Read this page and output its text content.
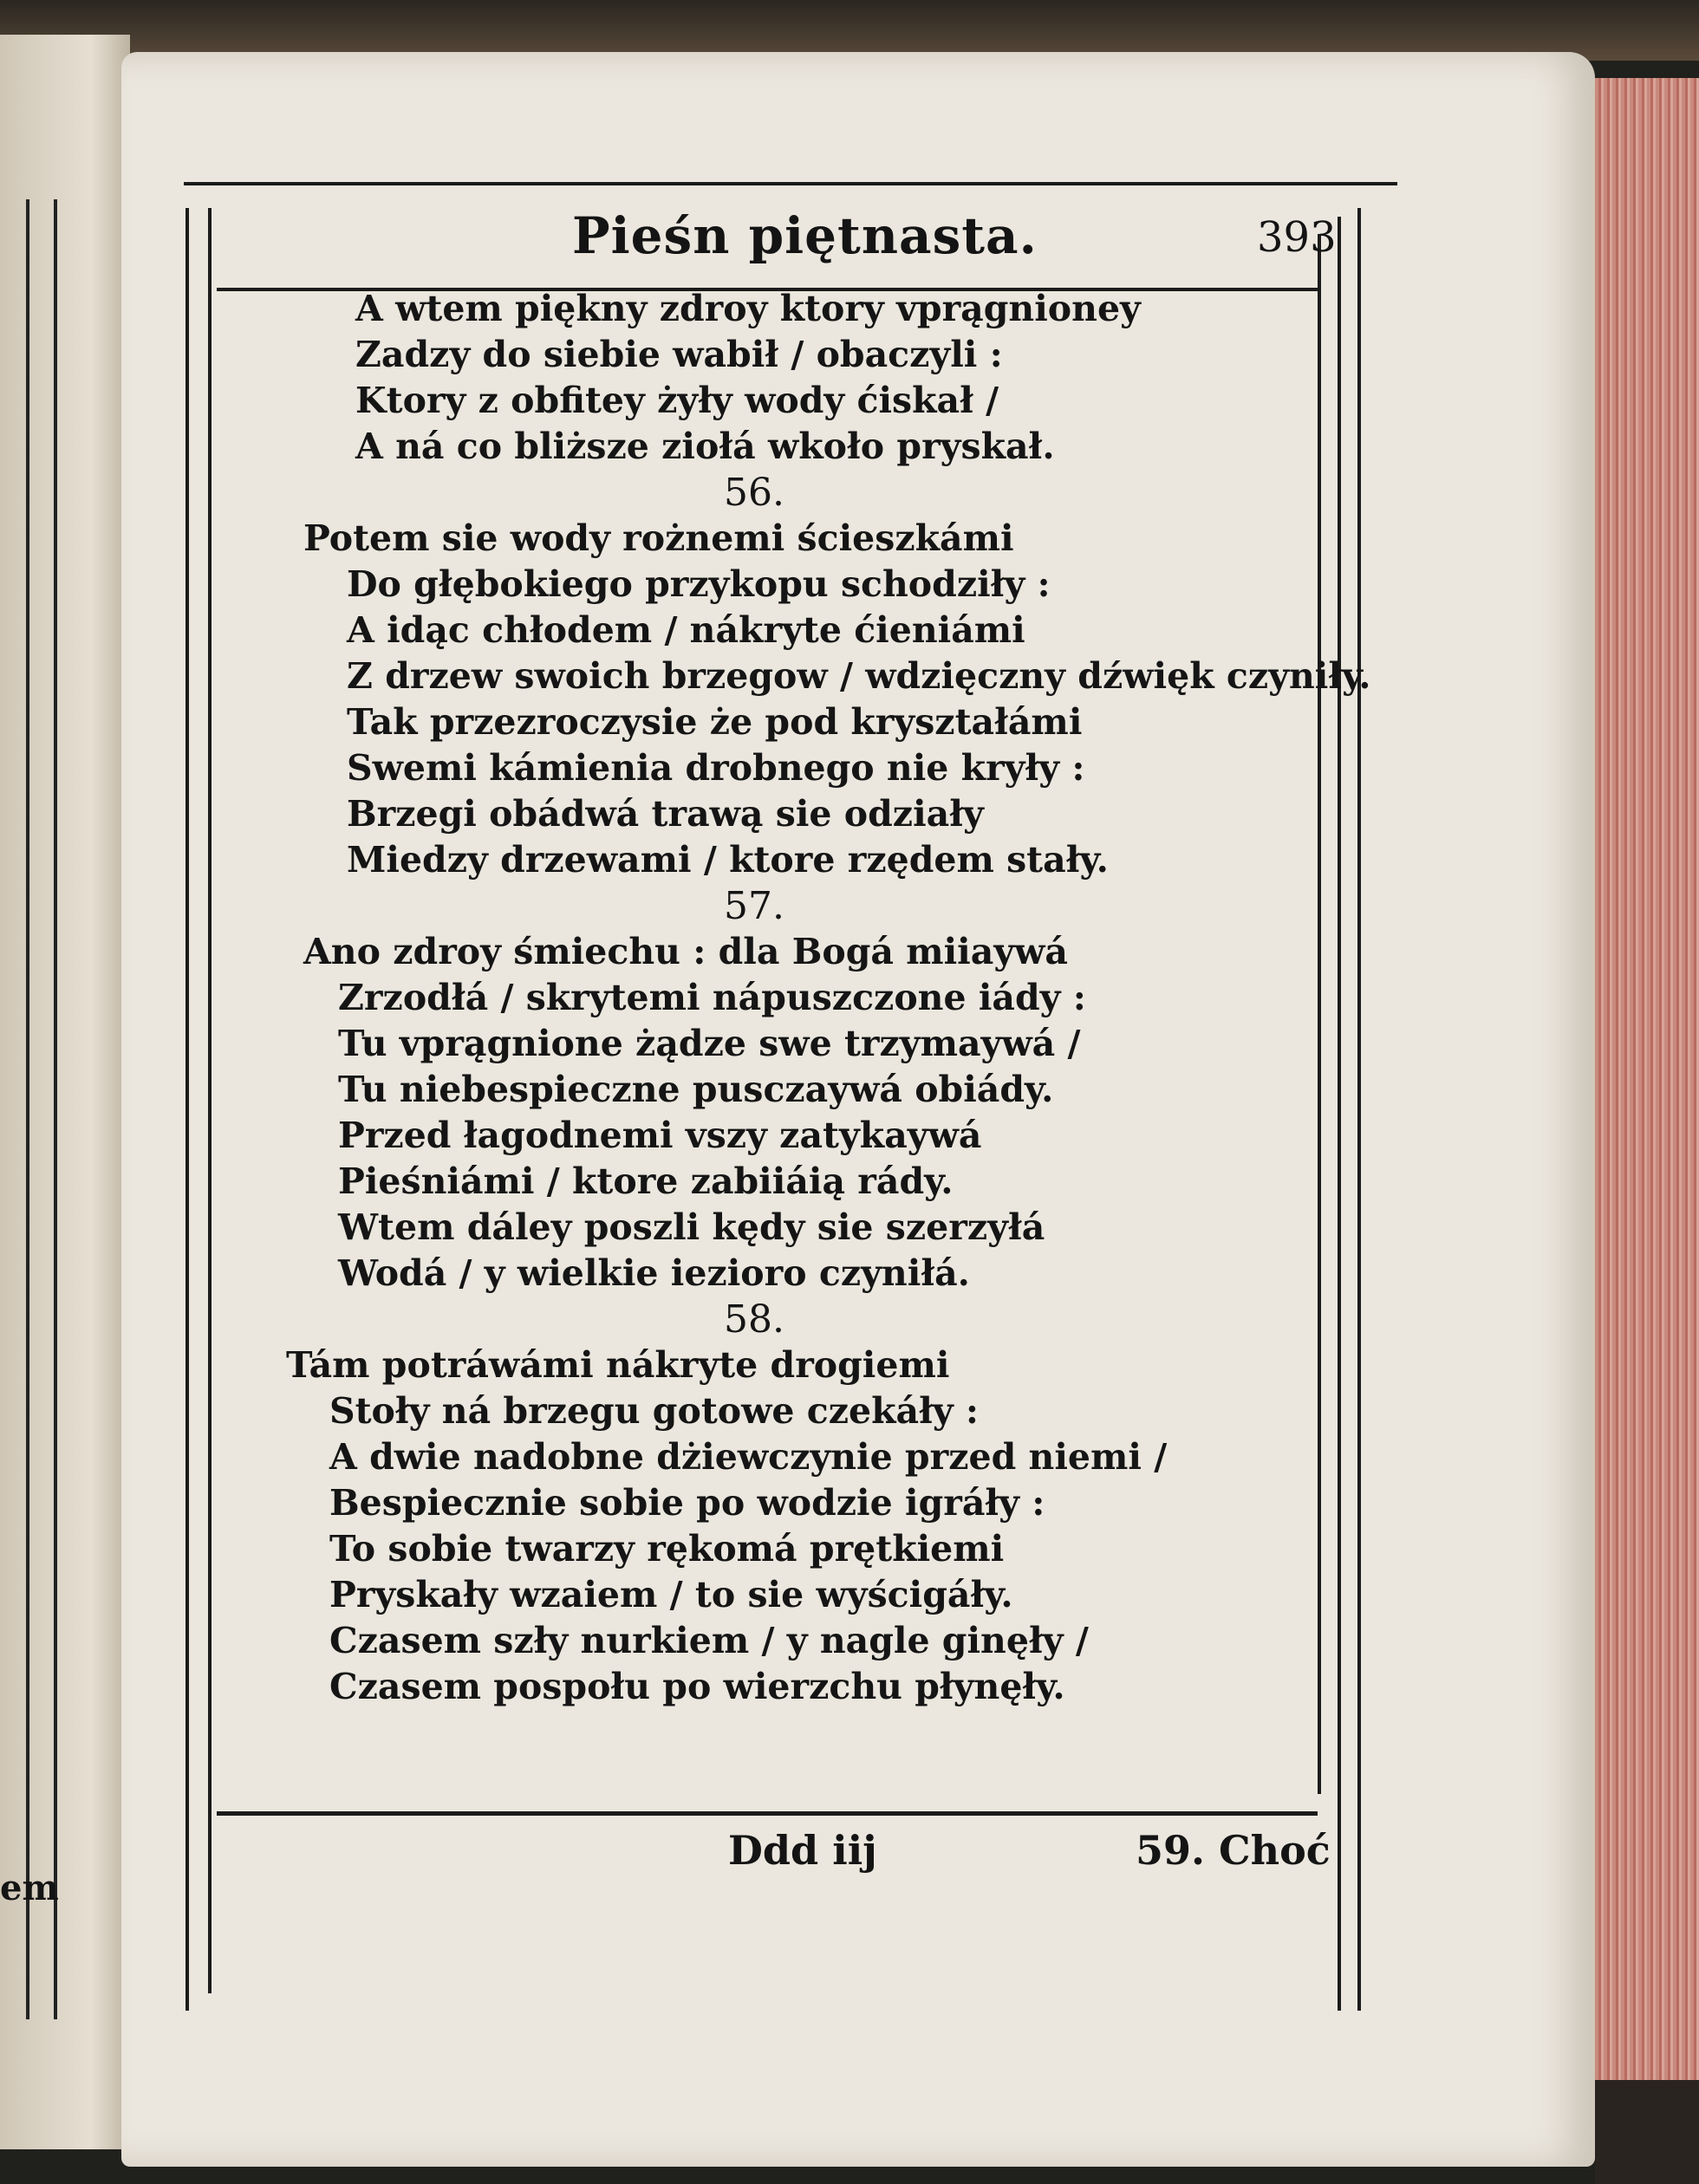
em
Pieśn piętnasta.	393
A wtem piękny zdroy ktory vprągnioney
Zadzy do siebie wabił / obaczyli :
Ktory z obfitey żyły wody ćiskał /
A ná co bliższe ziołá wkoło pryskał.
56.
Potem sie wody rożnemi ścieszkámi
Do głębokiego przykopu schodziły :
A idąc chłodem / nákryte ćieniámi
Z drzew swoich brzegow / wdzięczny dźwięk czyniły.
Tak przezroczysie że pod kryształámi
Swemi kámienia drobnego nie kryły :
Brzegi obádwá trawą sie odziały
Miedzy drzewami / ktore rzędem stały.
57.
Ano zdroy śmiechu : dla Bogá miiaywá
Zrzodłá / skrytemi nápuszczone iády :
Tu vprągnione żądze swe trzymaywá /
Tu niebespieczne pusczaywá obiády.
Przed łagodnemi vszy zatykaywá
Pieśniámi / ktore zabiiáią rády.
Wtem dáley poszli kędy sie szerzyłá
Wodá / y wielkie iezioro czyniłá.
58.
Tám potráwámi nákryte drogiemi
Stoły ná brzegu gotowe czekáły :
A dwie nadobne dżiewczynie przed niemi /
Bespiecznie sobie po wodzie igráły :
To sobie twarzy rękomá prętkiemi
Pryskały wzaiem / to sie wyścigáły.
Czasem szły nurkiem / y nagle ginęły /
Czasem pospołu po wierzchu płynęły.
Ddd iij	59. Choć
